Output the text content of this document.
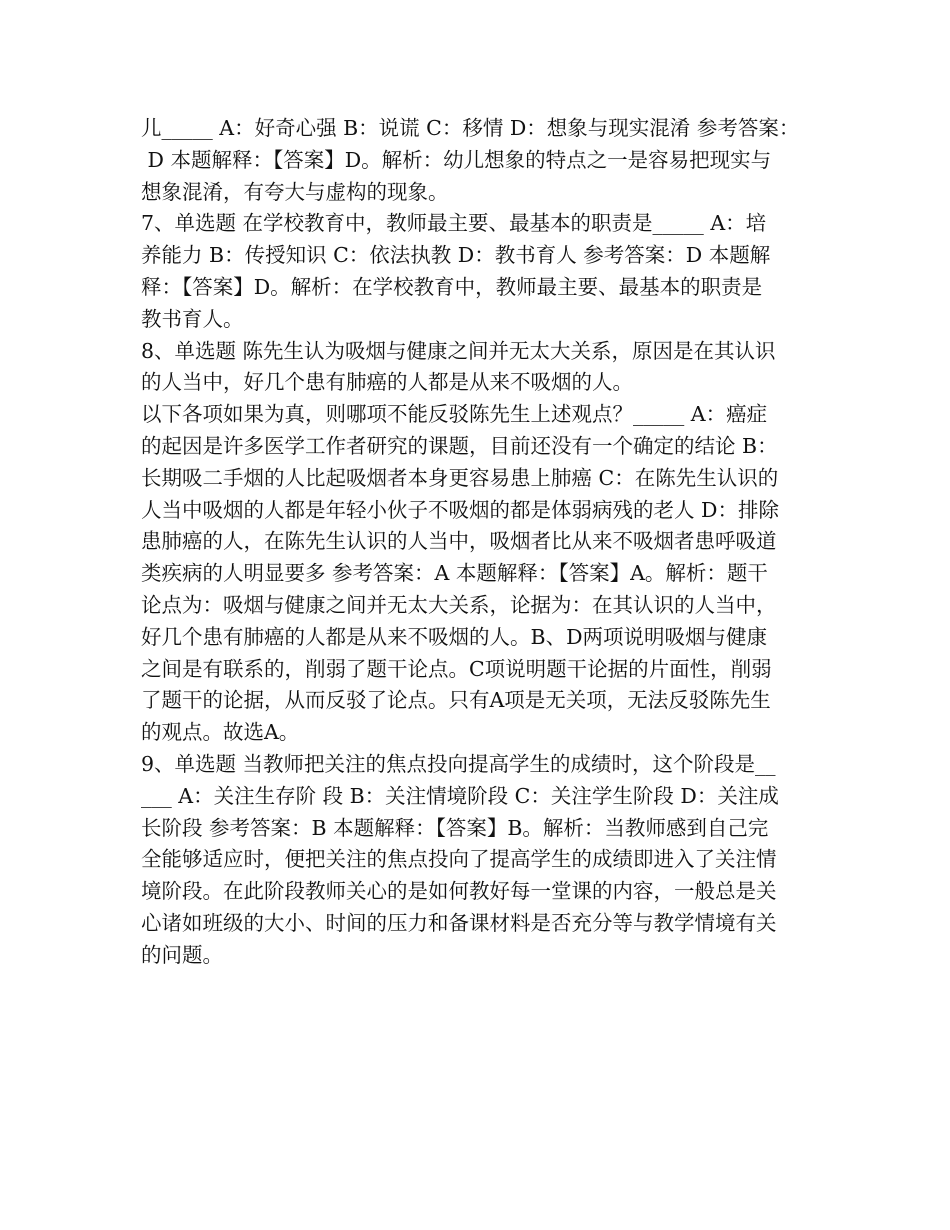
儿_____ A：好奇心强 B：说谎 C：移情 D：想象与现实混淆 参考答案：
D 本题解释：【答案】D。解析：幼儿想象的特点之一是容易把现实与
想象混淆，有夸大与虚构的现象。
7、单选题 在学校教育中，教师最主要、最基本的职责是_____ A：培
养能力 B：传授知识 C：依法执教 D：教书育人 参考答案：D 本题解
释：【答案】D。解析：在学校教育中，教师最主要、最基本的职责是
教书育人。
8、单选题 陈先生认为吸烟与健康之间并无太大关系，原因是在其认识
的人当中，好几个患有肺癌的人都是从来不吸烟的人。
以下各项如果为真，则哪项不能反驳陈先生上述观点？_____ A：癌症
的起因是许多医学工作者研究的课题，目前还没有一个确定的结论 B：
长期吸二手烟的人比起吸烟者本身更容易患上肺癌 C：在陈先生认识的
人当中吸烟的人都是年轻小伙子不吸烟的都是体弱病残的老人 D：排除
患肺癌的人，在陈先生认识的人当中，吸烟者比从来不吸烟者患呼吸道
类疾病的人明显要多 参考答案：A 本题解释：【答案】A。解析：题干
论点为：吸烟与健康之间并无太大关系，论据为：在其认识的人当中，
好几个患有肺癌的人都是从来不吸烟的人。B、D两项说明吸烟与健康
之间是有联系的，削弱了题干论点。C项说明题干论据的片面性，削弱
了题干的论据，从而反驳了论点。只有A项是无关项，无法反驳陈先生
的观点。故选A。
9、单选题 当教师把关注的焦点投向提高学生的成绩时，这个阶段是__
___ A：关注生存阶 段 B：关注情境阶段 C：关注学生阶段 D：关注成
长阶段 参考答案：B 本题解释：【答案】B。解析：当教师感到自己完
全能够适应时，便把关注的焦点投向了提高学生的成绩即进入了关注情
境阶段。在此阶段教师关心的是如何教好每一堂课的内容，一般总是关
心诸如班级的大小、时间的压力和备课材料是否充分等与教学情境有关
的问题。
